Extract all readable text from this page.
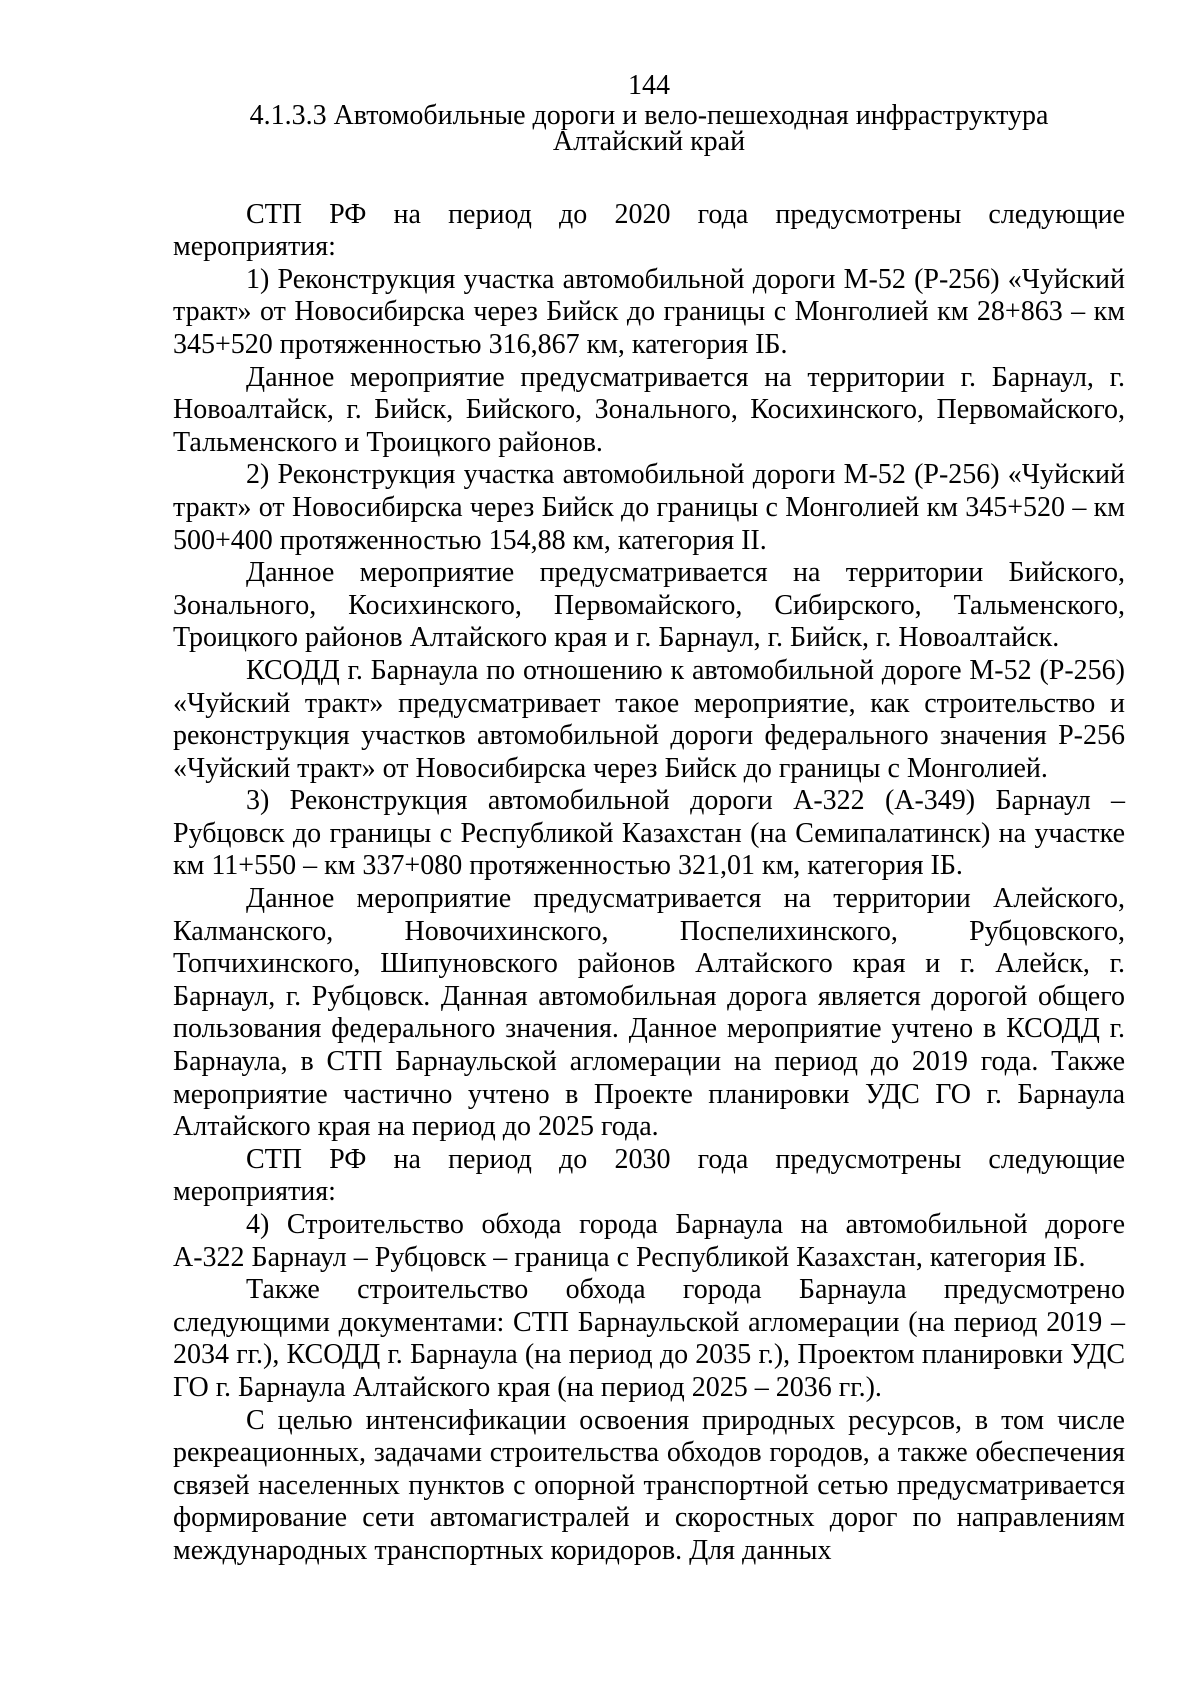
144
4.1.3.3 Автомобильные дороги и вело-пешеходная инфраструктура
Алтайский край

СТП РФ на период до 2020 года предусмотрены следующие мероприятия:

1) Реконструкция участка автомобильной дороги М-52 (Р-256) «Чуйский тракт» от Новосибирска через Бийск до границы с Монголией км 28+863 – км 345+520 протяженностью 316,867 км, категория IБ.

Данное мероприятие предусматривается на территории г. Барнаул, г. Новоалтайск, г. Бийск, Бийского, Зонального, Косихинского, Первомайского, Тальменского и Троицкого районов.

2) Реконструкция участка автомобильной дороги М-52 (Р-256) «Чуйский тракт» от Новосибирска через Бийск до границы с Монголией км 345+520 – км 500+400 протяженностью 154,88 км, категория II.

Данное мероприятие предусматривается на территории Бийского, Зонального, Косихинского, Первомайского, Сибирского, Тальменского, Троицкого районов Алтайского края и г. Барнаул, г. Бийск, г. Новоалтайск.

КСОДД г. Барнаула по отношению к автомобильной дороге М-52 (Р-256) «Чуйский тракт» предусматривает такое мероприятие, как строительство и реконструкция участков автомобильной дороги федерального значения Р-256 «Чуйский тракт» от Новосибирска через Бийск до границы с Монголией.

3) Реконструкция автомобильной дороги А-322 (А-349) Барнаул – Рубцовск до границы с Республикой Казахстан (на Семипалатинск) на участке км 11+550 – км 337+080 протяженностью 321,01 км, категория IБ.

Данное мероприятие предусматривается на территории Алейского, Калманского, Новочихинского, Поспелихинского, Рубцовского, Топчихинского, Шипуновского районов Алтайского края и г. Алейск, г. Барнаул, г. Рубцовск. Данная автомобильная дорога является дорогой общего пользования федерального значения. Данное мероприятие учтено в КСОДД г. Барнаула, в СТП Барнаульской агломерации на период до 2019 года. Также мероприятие частично учтено в Проекте планировки УДС ГО г. Барнаула Алтайского края на период до 2025 года.

СТП РФ на период до 2030 года предусмотрены следующие мероприятия:

4) Строительство обхода города Барнаула на автомобильной дороге А-322 Барнаул – Рубцовск – граница с Республикой Казахстан, категория IБ.

Также строительство обхода города Барнаула предусмотрено следующими документами: СТП Барнаульской агломерации (на период 2019 – 2034 гг.), КСОДД г. Барнаула (на период до 2035 г.), Проектом планировки УДС ГО г. Барнаула Алтайского края (на период 2025 – 2036 гг.).

С целью интенсификации освоения природных ресурсов, в том числе рекреационных, задачами строительства обходов городов, а также обеспечения связей населенных пунктов с опорной транспортной сетью предусматривается формирование сети автомагистралей и скоростных дорог по направлениям международных транспортных коридоров. Для данных
